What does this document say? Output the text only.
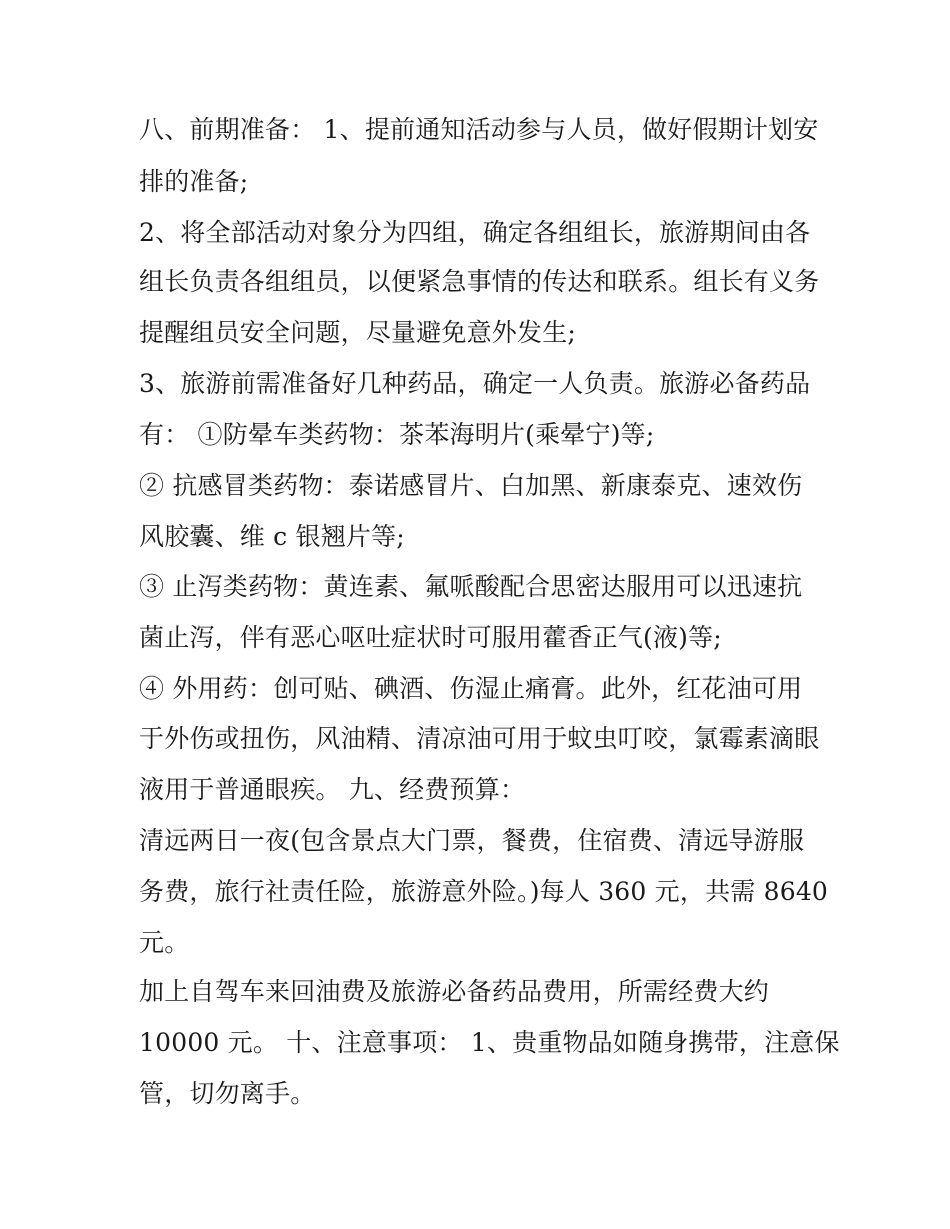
八、前期准备： 1、提前通知活动参与人员，做好假期计划安
排的准备;
2、将全部活动对象分为四组，确定各组组长，旅游期间由各
组长负责各组组员，以便紧急事情的传达和联系。组长有义务
提醒组员安全问题，尽量避免意外发生;
3、旅游前需准备好几种药品，确定一人负责。旅游必备药品
有： ①防晕车类药物：茶苯海明片(乘晕宁)等;
② 抗感冒类药物：泰诺感冒片、白加黑、新康泰克、速效伤
风胶囊、维 c 银翘片等;
③ 止泻类药物：黄连素、氟哌酸配合思密达服用可以迅速抗
菌止泻，伴有恶心呕吐症状时可服用藿香正气(液)等;
④ 外用药：创可贴、碘酒、伤湿止痛膏。此外，红花油可用
于外伤或扭伤，风油精、清凉油可用于蚊虫叮咬，氯霉素滴眼
液用于普通眼疾。 九、经费预算：
清远两日一夜(包含景点大门票，餐费，住宿费、清远导游服
务费，旅行社责任险，旅游意外险。)每人 360 元，共需 8640
元。
加上自驾车来回油费及旅游必备药品费用，所需经费大约
10000 元。 十、注意事项： 1、贵重物品如随身携带，注意保
管，切勿离手。
